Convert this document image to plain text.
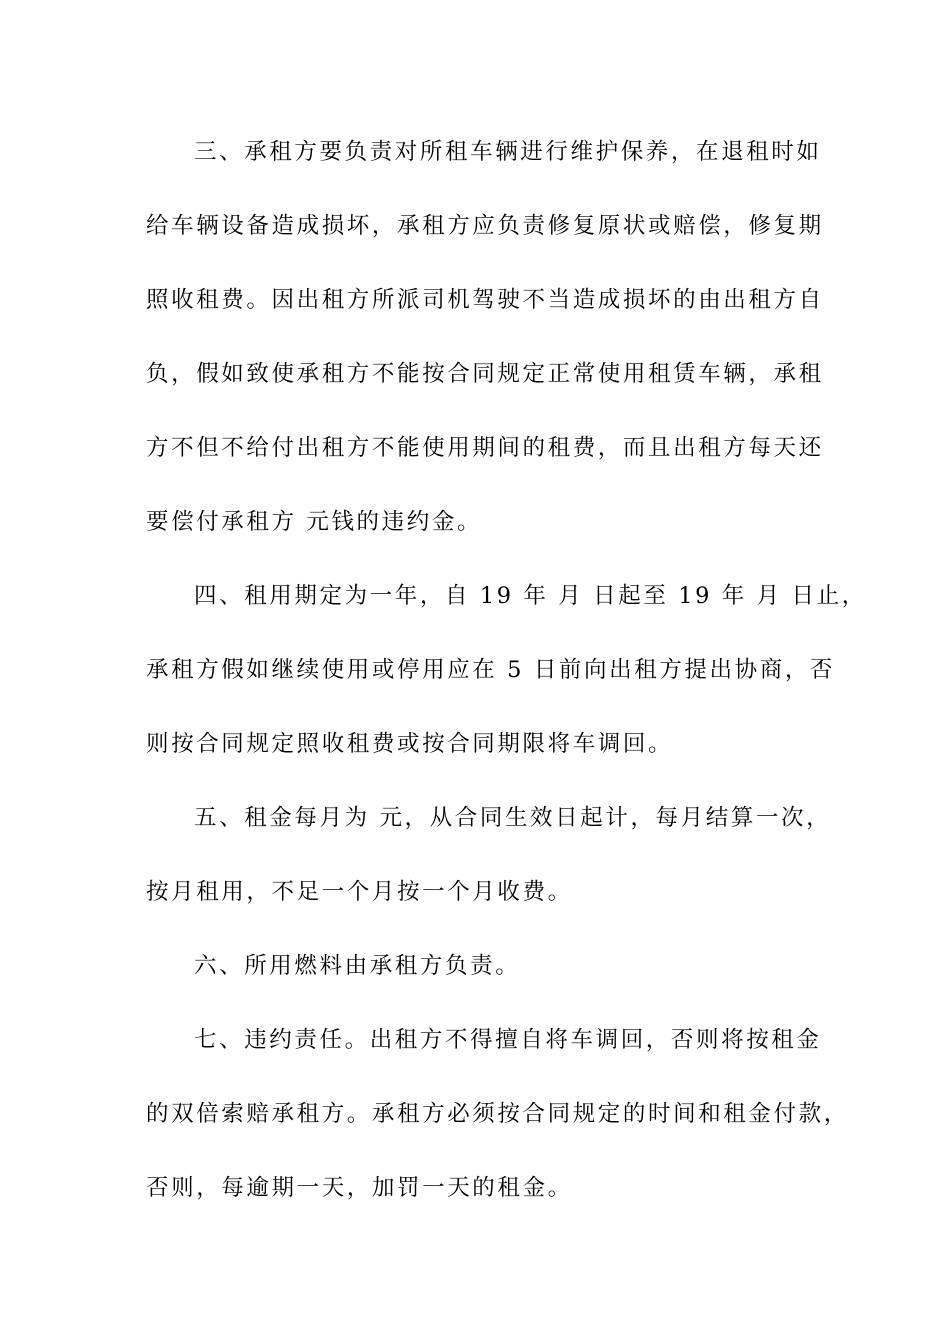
三、承租方要负责对所租车辆进行维护保养，在退租时如
给车辆设备造成损坏，承租方应负责修复原状或赔偿，修复期
照收租费。因出租方所派司机驾驶不当造成损坏的由出租方自
负，假如致使承租方不能按合同规定正常使用租赁车辆，承租
方不但不给付出租方不能使用期间的租费，而且出租方每天还
要偿付承租方 元钱的违约金。
四、租用期定为一年，自 19 年 月 日起至 19 年 月 日止，
承租方假如继续使用或停用应在 5 日前向出租方提出协商，否
则按合同规定照收租费或按合同期限将车调回。
五、租金每月为 元，从合同生效日起计，每月结算一次，
按月租用，不足一个月按一个月收费。
六、所用燃料由承租方负责。
七、违约责任。出租方不得擅自将车调回，否则将按租金
的双倍索赔承租方。承租方必须按合同规定的时间和租金付款，
否则，每逾期一天，加罚一天的租金。
